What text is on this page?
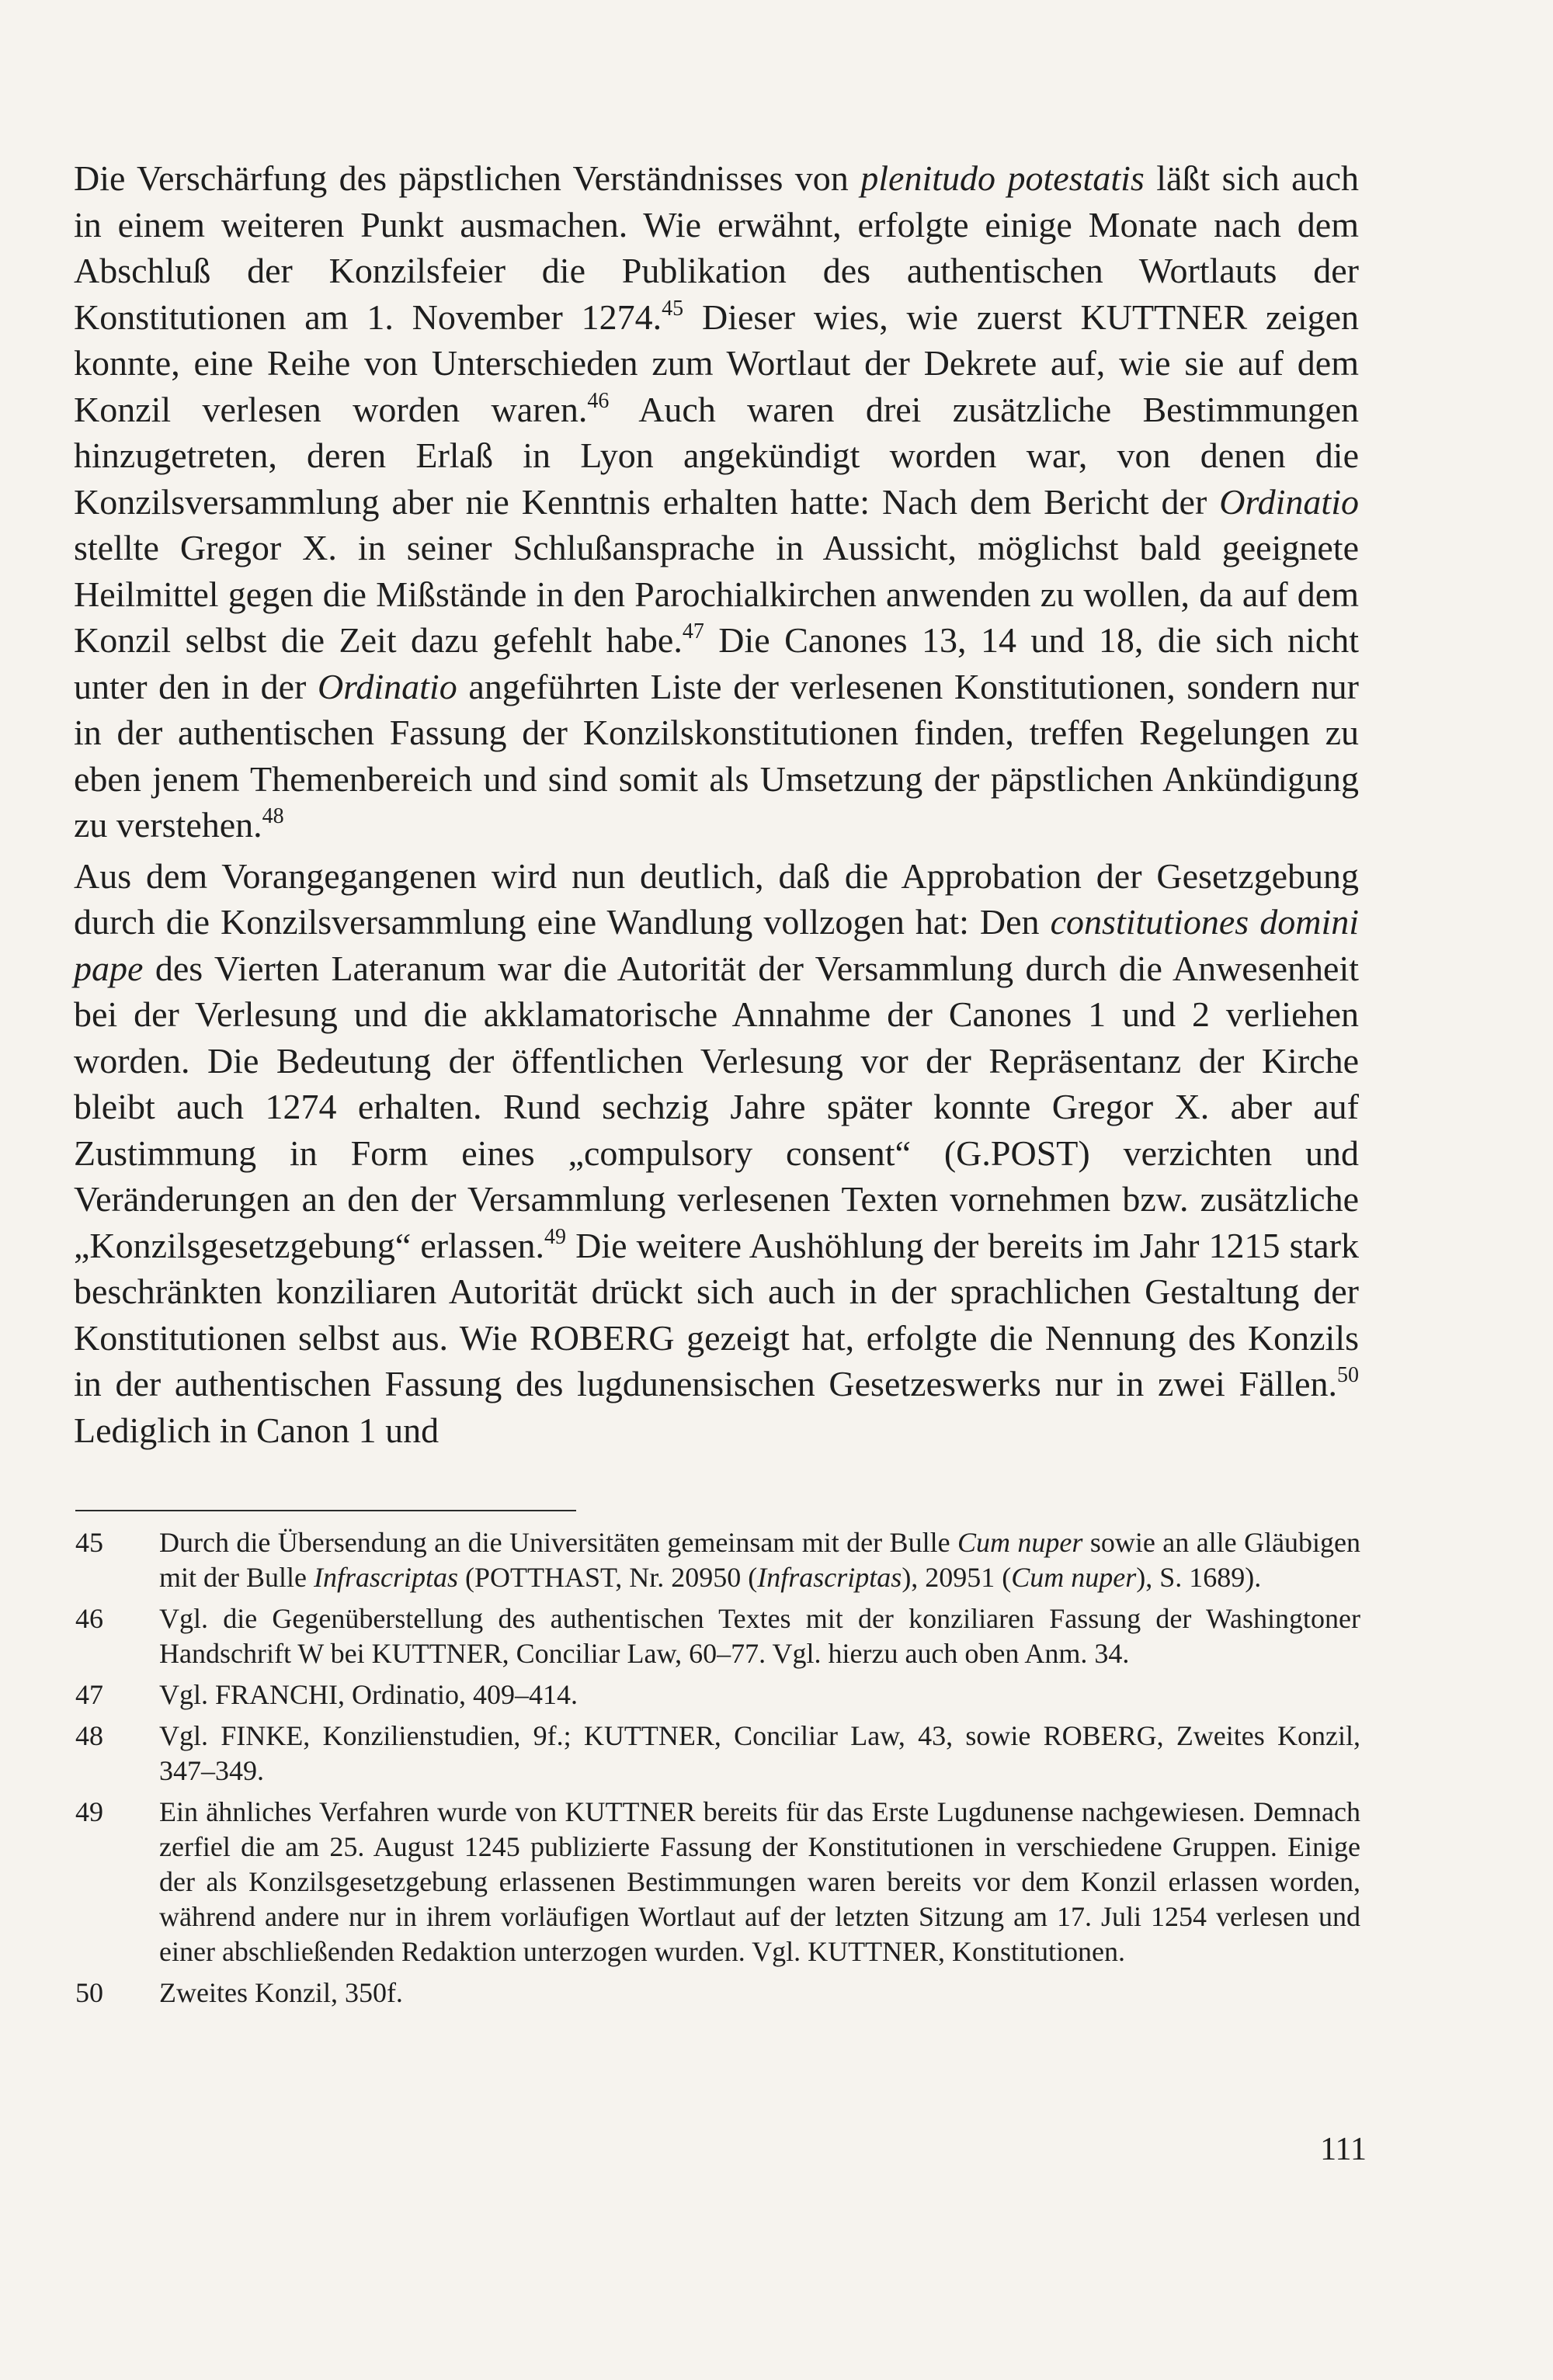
Die Verschärfung des päpstlichen Verständnisses von plenitudo potestatis läßt sich auch in einem weiteren Punkt ausmachen. Wie erwähnt, erfolgte einige Monate nach dem Abschluß der Konzilsfeier die Publikation des authentischen Wortlauts der Konstitutionen am 1. November 1274.45 Dieser wies, wie zuerst KUTTNER zeigen konnte, eine Reihe von Unterschieden zum Wortlaut der Dekrete auf, wie sie auf dem Konzil verlesen worden waren.$^{46}$ Auch waren drei zusätzliche Bestimmungen hinzugetreten, deren Erlaß in Lyon angekündigt worden war, von denen die Konzilsversammlung aber nie Kenntnis erhalten hatte: Nach dem Bericht der Ordinatio stellte Gregor X. in seiner Schlußansprache in Aussicht, möglichst bald geeignete Heilmittel gegen die Mißstände in den Parochialkirchen anwenden zu wollen, da auf dem Konzil selbst die Zeit dazu gefehlt habe.$^{47}$ Die Canones 13, 14 und 18, die sich nicht unter den in der Ordinatio angeführten Liste der verlesenen Konstitutionen, sondern nur in der authentischen Fassung der Konzilskonstitutionen finden, treffen Regelungen zu eben jenem Themenbereich und sind somit als Umsetzung der päpstlichen Ankündigung zu verstehen.$^{48}$

Aus dem Vorangegangenen wird nun deutlich, daß die Approbation der Gesetzgebung durch die Konzilsversammlung eine Wandlung vollzogen hat: Den constitutiones domini pape des Vierten Lateranum war die Autorität der Versammlung durch die Anwesenheit bei der Verlesung und die akklamatorische Annahme der Canones 1 und 2 verliehen worden. Die Bedeutung der öffentlichen Verlesung vor der Repräsentanz der Kirche bleibt auch 1274 erhalten. Rund sechzig Jahre später konnte Gregor X. aber auf Zustimmung in Form eines „compulsory consent“ (G.POST) verzichten und Veränderungen an den der Versammlung verlesenen Texten vornehmen bzw. zusätzliche „Konzilsgesetzgebung“ erlassen.$^{49}$ Die weitere Aushöhlung der bereits im Jahr 1215 stark beschränkten konziliaren Autorität drückt sich auch in der sprachlichen Gestaltung der Konstitutionen selbst aus. Wie ROBERG gezeigt hat, erfolgte die Nennung des Konzils in der authentischen Fassung des lugdunensischen Gesetzeswerks nur in zwei Fällen.$^{50}$ Lediglich in Canon 1 und

45	Durch die Übersendung an die Universitäten gemeinsam mit der Bulle Cum nuper sowie an alle Gläubigen mit der Bulle Infrascriptas (POTTHAST, Nr. 20950 (Infrascriptas), 20951 (Cum nuper), S. 1689).
46	Vgl. die Gegenüberstellung des authentischen Textes mit der konziliaren Fassung der Washingtoner Handschrift W bei KUTTNER, Conciliar Law, 60–77. Vgl. hierzu auch oben Anm. 34.
47	Vgl. FRANCHI, Ordinatio, 409–414.
48	Vgl. FINKE, Konzilienstudien, 9f.; KUTTNER, Conciliar Law, 43, sowie ROBERG, Zweites Konzil, 347–349.
49	Ein ähnliches Verfahren wurde von KUTTNER bereits für das Erste Lugdunense nachgewiesen. Demnach zerfiel die am 25. August 1245 publizierte Fassung der Konstitutionen in verschiedene Gruppen. Einige der als Konzilsgesetzgebung erlassenen Bestimmungen waren bereits vor dem Konzil erlassen worden, während andere nur in ihrem vorläufigen Wortlaut auf der letzten Sitzung am 17. Juli 1254 verlesen und einer abschließenden Redaktion unterzogen wurden. Vgl. KUTTNER, Konstitutionen.
50	Zweites Konzil, 350f.
111
